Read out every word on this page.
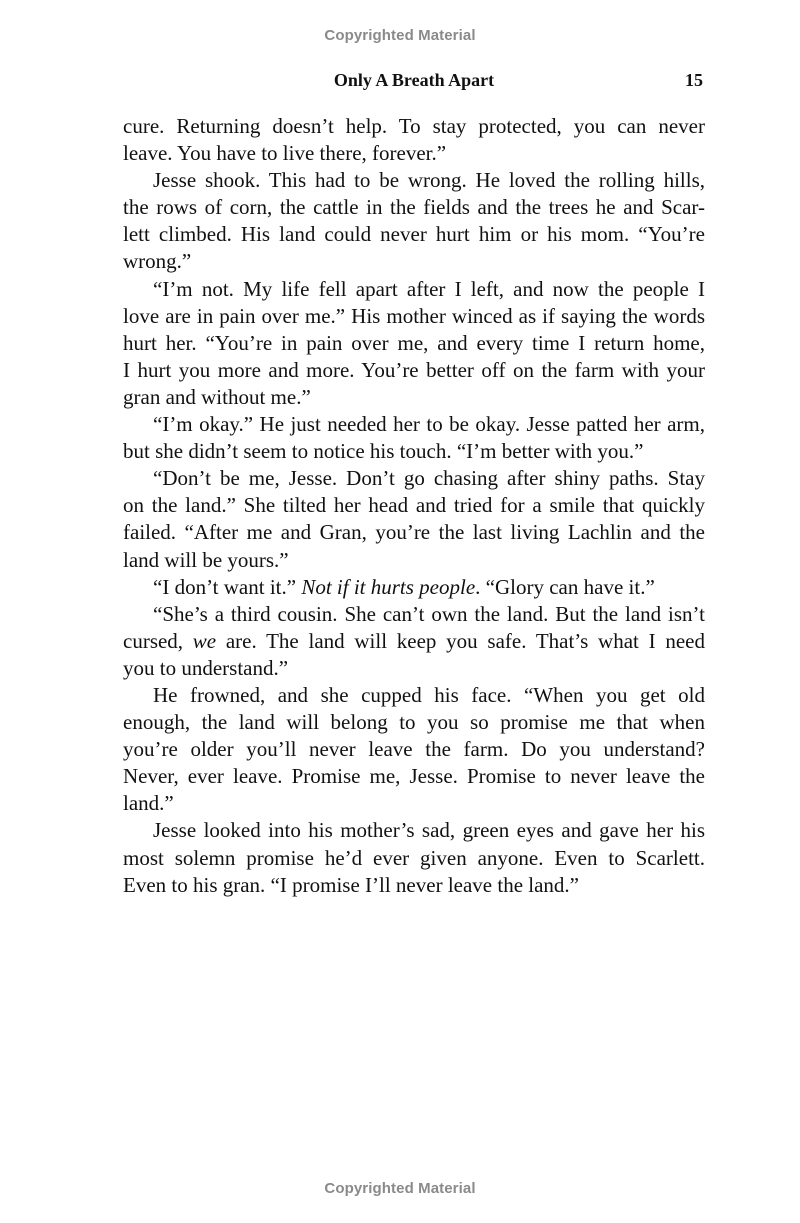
Copyrighted Material
Only A Breath Apart	15
cure. Returning doesn’t help. To stay protected, you can never
leave. You have to live there, forever.”
Jesse shook. This had to be wrong. He loved the rolling hills,
the rows of corn, the cattle in the fields and the trees he and Scar-
lett climbed. His land could never hurt him or his mom. “You’re
wrong.”
“I’m not. My life fell apart after I left, and now the people I
love are in pain over me.” His mother winced as if saying the words
hurt her. “You’re in pain over me, and every time I return home,
I hurt you more and more. You’re better off on the farm with your
gran and without me.”
“I’m okay.” He just needed her to be okay. Jesse patted her arm,
but she didn’t seem to notice his touch. “I’m better with you.”
“Don’t be me, Jesse. Don’t go chasing after shiny paths. Stay
on the land.” She tilted her head and tried for a smile that quickly
failed. “After me and Gran, you’re the last living Lachlin and the
land will be yours.”
“I don’t want it.” Not if it hurts people. “Glory can have it.”
“She’s a third cousin. She can’t own the land. But the land isn’t
cursed, we are. The land will keep you safe. That’s what I need
you to understand.”
He frowned, and she cupped his face. “When you get old
enough, the land will belong to you so promise me that when
you’re older you’ll never leave the farm. Do you understand?
Never, ever leave. Promise me, Jesse. Promise to never leave the
land.”
Jesse looked into his mother’s sad, green eyes and gave her his
most solemn promise he’d ever given anyone. Even to Scarlett.
Even to his gran. “I promise I’ll never leave the land.”
Copyrighted Material
